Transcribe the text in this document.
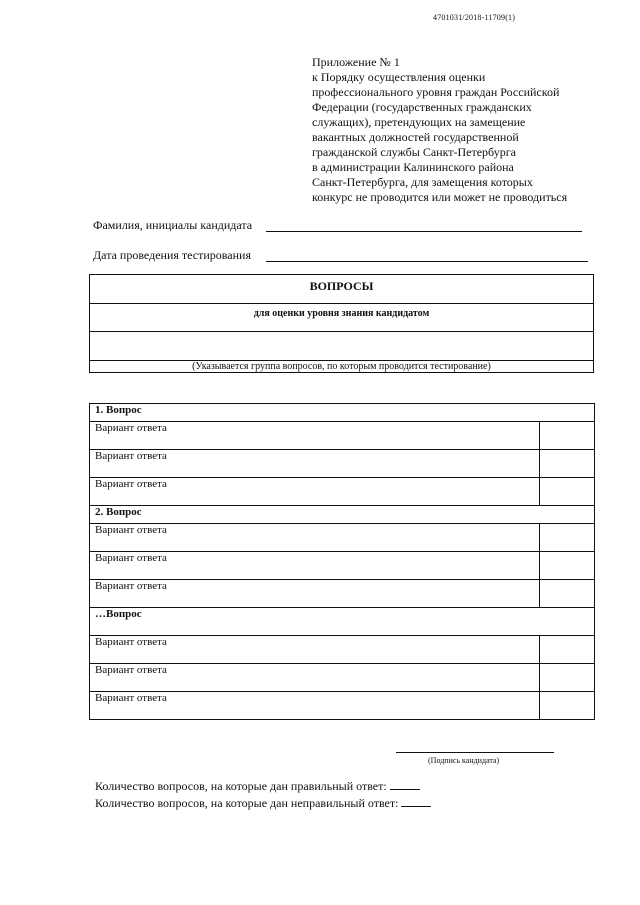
4701031/2018-11709(1)
Приложение № 1
к Порядку осуществления оценки
профессионального уровня граждан Российской
Федерации (государственных гражданских
служащих), претендующих на замещение
вакантных должностей государственной
гражданской службы Санкт-Петербурга
в администрации Калининского района
Санкт-Петербурга, для замещения которых
конкурс не проводится или может не проводиться
Фамилия, инициалы кандидата
Дата проведения тестирования
ВОПРОСЫ
для оценки уровня знания кандидатом
(Указывается группа вопросов, по которым проводится тестирование)
1. Вопрос	
Вариант ответа	
Вариант ответа	
Вариант ответа	
2. Вопрос	
Вариант ответа	
Вариант ответа	
Вариант ответа	
…Вопрос	
Вариант ответа	
Вариант ответа	
Вариант ответа	
(Подпись кандидата)
Количество вопросов, на которые дан правильный ответ:
Количество вопросов, на которые дан неправильный ответ:
